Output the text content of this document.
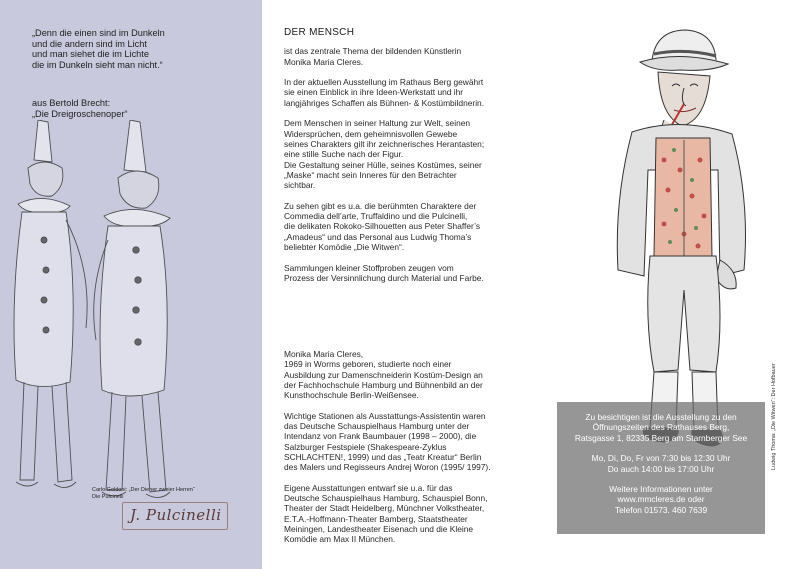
„Denn die einen sind im Dunkeln
und die andern sind im Licht
und man siehet die im Lichte
die im Dunkeln sieht man nicht.“
aus Bertold Brecht:
„Die Dreigroschenoper“
Carlo Goldoni: „Der Diener zweier Herren“
Die Pulcinelli
J. Pulcinelli
DER MENSCH

ist das zentrale Thema der bildenden Künstlerin
Monika Maria Cleres.

In der aktuellen Ausstellung im Rathaus Berg gewährt
sie einen Einblick in ihre Ideen-Werkstatt und ihr
langjähriges Schaffen als Bühnen- & Kostümbildnerin.

Dem Menschen in seiner Haltung zur Welt, seinen
Widersprüchen, dem geheimnisvollen Gewebe
seines Charakters gilt ihr zeichnerisches Herantasten;
eine stille Suche nach der Figur.
Die Gestaltung seiner Hülle, seines Kostümes, seiner
„Maske“ macht sein Inneres für den Betrachter
sichtbar.

Zu sehen gibt es u.a. die berühmten Charaktere der
Commedia dell’arte, Truffaldino und die Pulcinelli,
die delikaten Rokoko-Silhouetten aus Peter Shaffer’s
„Amadeus“ und das Personal aus Ludwig Thoma’s
beliebter Komödie „Die Witwen“.

Sammlungen kleiner Stoffproben zeugen vom
Prozess der Versinnlichung durch Material und Farbe.

Monika Maria Cleres,
1969 in Worms geboren, studierte noch einer
Ausbildung zur Damenschneiderin Kostüm-Design an
der Fachhochschule Hamburg und Bühnenbild an der
Kunsthochschule Berlin-Weißensee.

Wichtige Stationen als Ausstattungs-Assistentin waren
das Deutsche Schauspielhaus Hamburg unter der
Intendanz von Frank Baumbauer (1998 – 2000), die
Salzburger Festspiele (Shakespeare-Zyklus
SCHLACHTEN!, 1999) und das „Teatr Kreatur“ Berlin
des Malers und Regisseurs Andrej Woron (1995/ 1997).

Eigene Ausstattungen entwarf sie u.a. für das
Deutsche Schauspielhaus Hamburg, Schauspiel Bonn,
Theater der Stadt Heidelberg, Münchner Volkstheater,
E.T.A.-Hoffmann-Theater Bamberg, Staatstheater
Meiningen, Landestheater Eisenach und die Kleine
Komödie am Max II München.

Ludwig Thoma: „Die Witwen“: Der Hofbauer
Zu besichtigen ist die Ausstellung zu den
Öffnungszeiten des Rathauses Berg,
Ratsgasse 1, 82335 Berg am Starnberger See
Mo, Di, Do, Fr von 7:30 bis 12:30 Uhr
Do auch 14:00 bis 17:00 Uhr
Weitere Informationen unter
www.mmcleres.de oder
Telefon 01573. 460 7639
